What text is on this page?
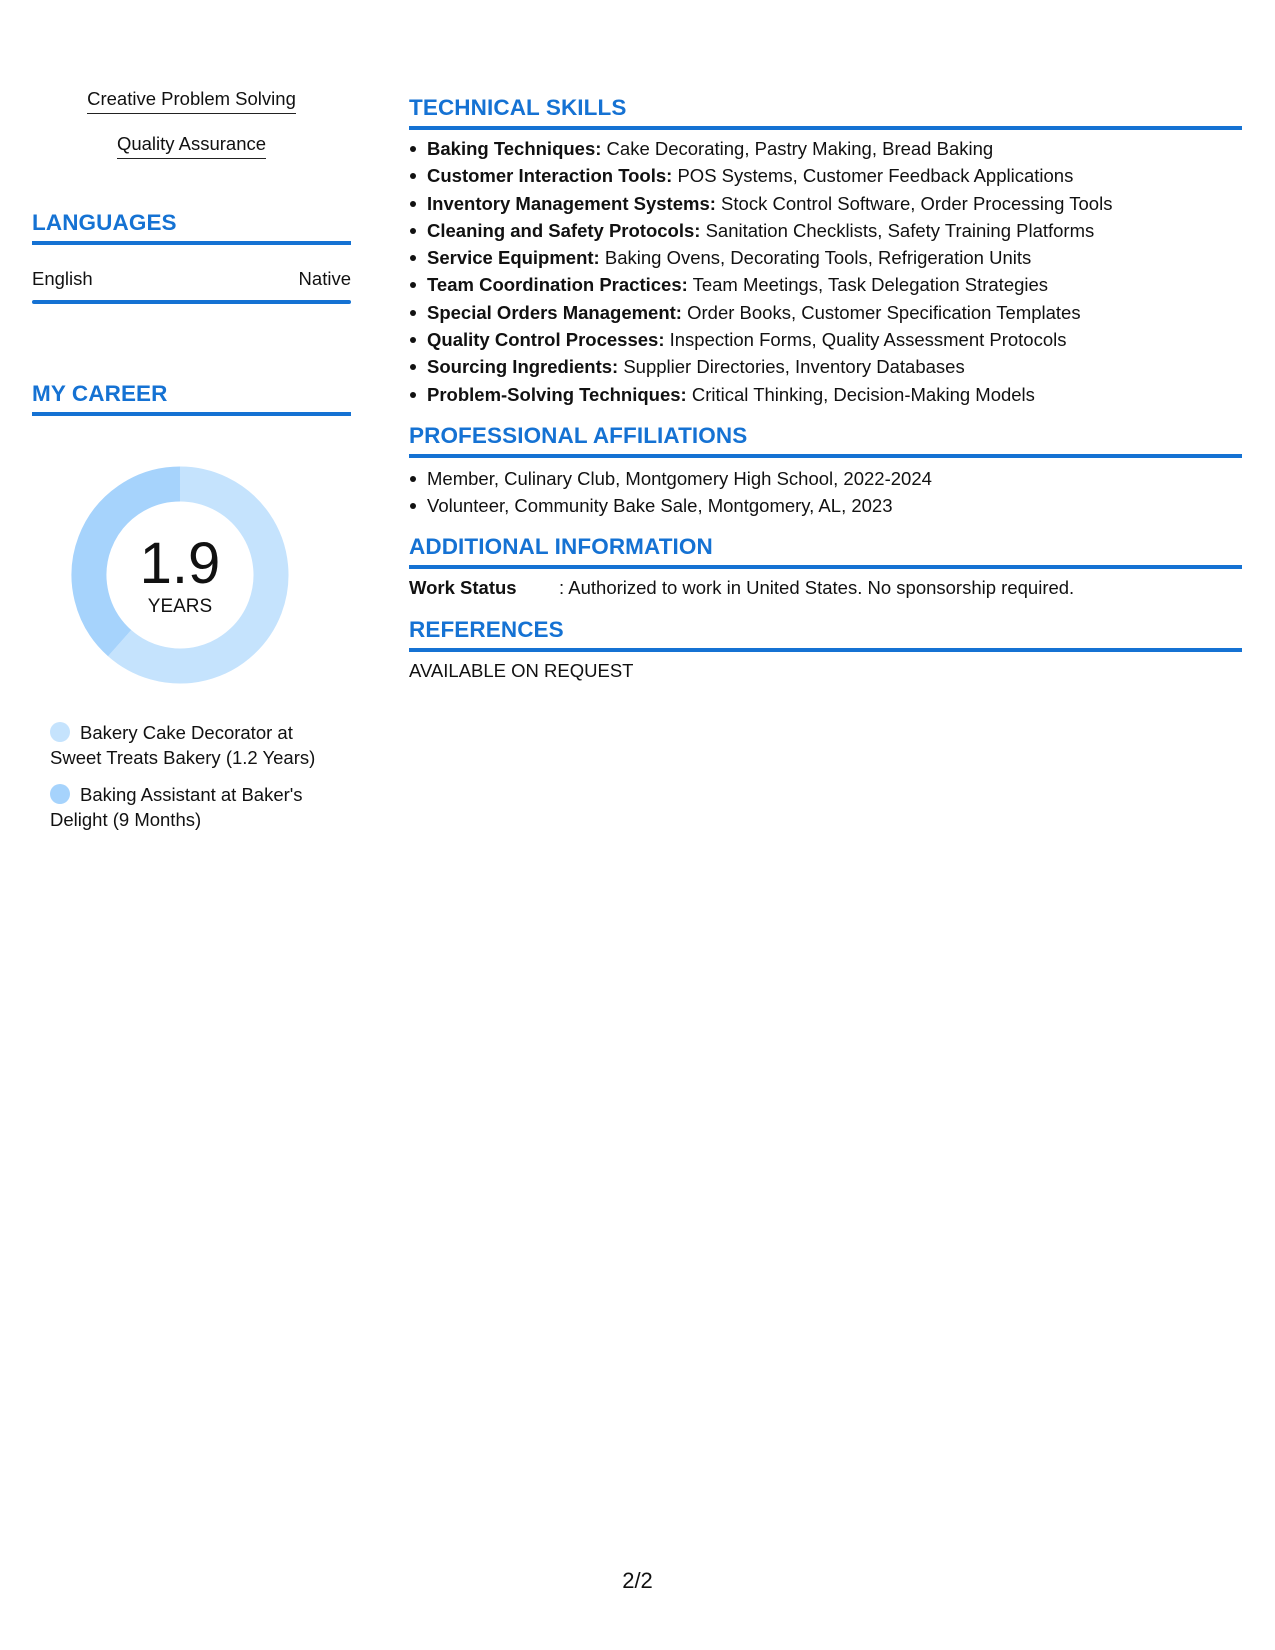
Creative Problem Solving
Quality Assurance
LANGUAGES
English	Native
MY CAREER
1.9
YEARS
Bakery Cake Decorator at Sweet Treats Bakery (1.2 Years)
Baking Assistant at Baker's Delight (9 Months)
TECHNICAL SKILLS
Baking Techniques: Cake Decorating, Pastry Making, Bread Baking
Customer Interaction Tools: POS Systems, Customer Feedback Applications
Inventory Management Systems: Stock Control Software, Order Processing Tools
Cleaning and Safety Protocols: Sanitation Checklists, Safety Training Platforms
Service Equipment: Baking Ovens, Decorating Tools, Refrigeration Units
Team Coordination Practices: Team Meetings, Task Delegation Strategies
Special Orders Management: Order Books, Customer Specification Templates
Quality Control Processes: Inspection Forms, Quality Assessment Protocols
Sourcing Ingredients: Supplier Directories, Inventory Databases
Problem-Solving Techniques: Critical Thinking, Decision-Making Models
PROFESSIONAL AFFILIATIONS
Member, Culinary Club, Montgomery High School, 2022-2024
Volunteer, Community Bake Sale, Montgomery, AL, 2023
ADDITIONAL INFORMATION
Work Status : Authorized to work in United States. No sponsorship required.
REFERENCES
AVAILABLE ON REQUEST
2/2
